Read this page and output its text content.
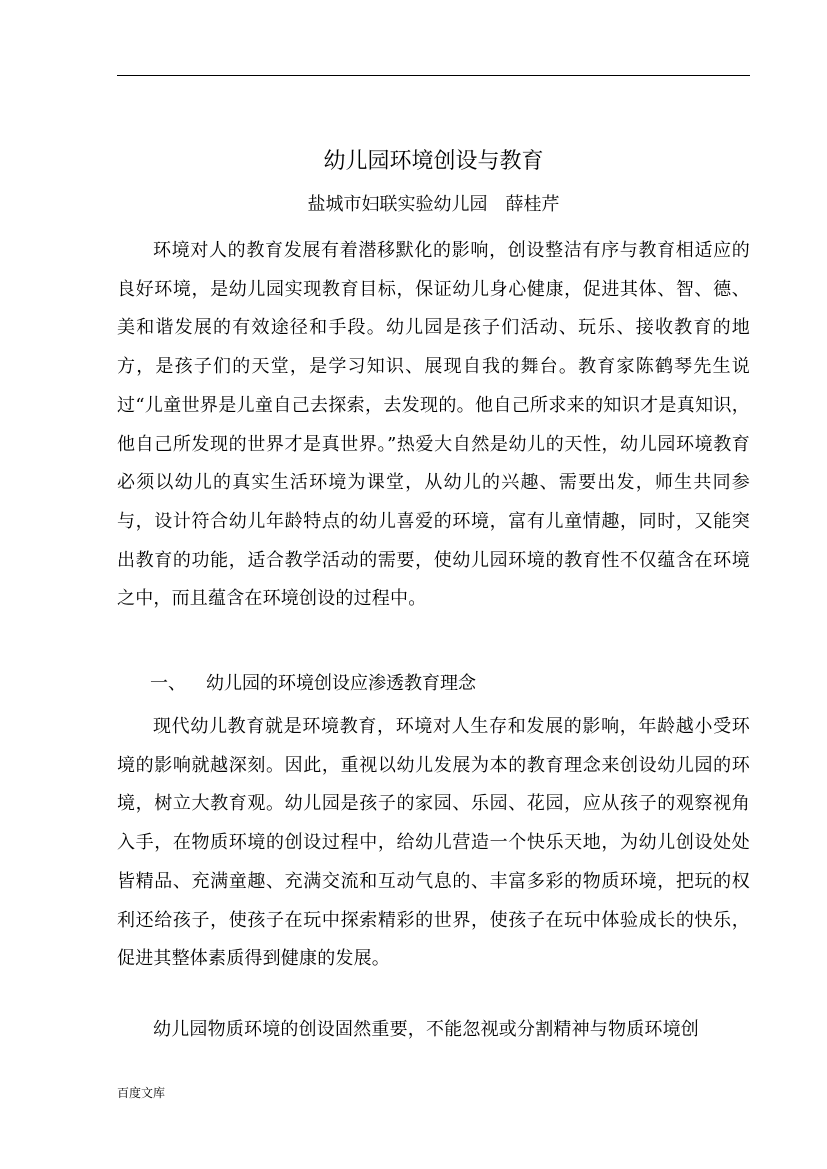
幼儿园环境创设与教育
盐城市妇联实验幼儿园 薛桂芹

环境对人的教育发展有着潜移默化的影响，创设整洁有序与教育相适应的良好环境，是幼儿园实现教育目标，保证幼儿身心健康，促进其体、智、德、美和谐发展的有效途径和手段。幼儿园是孩子们活动、玩乐、接收教育的地方，是孩子们的天堂，是学习知识、展现自我的舞台。教育家陈鹤琴先生说过“儿童世界是儿童自己去探索，去发现的。他自己所求来的知识才是真知识，他自己所发现的世界才是真世界。”热爱大自然是幼儿的天性，幼儿园环境教育必须以幼儿的真实生活环境为课堂，从幼儿的兴趣、需要出发，师生共同参与，设计符合幼儿年龄特点的幼儿喜爱的环境，富有儿童情趣，同时，又能突出教育的功能，适合教学活动的需要，使幼儿园环境的教育性不仅蕴含在环境之中，而且蕴含在环境创设的过程中。

一、 幼儿园的环境创设应渗透教育理念

现代幼儿教育就是环境教育，环境对人生存和发展的影响，年龄越小受环境的影响就越深刻。因此，重视以幼儿发展为本的教育理念来创设幼儿园的环境，树立大教育观。幼儿园是孩子的家园、乐园、花园，应从孩子的观察视角入手，在物质环境的创设过程中，给幼儿营造一个快乐天地，为幼儿创设处处皆精品、充满童趣、充满交流和互动气息的、丰富多彩的物质环境，把玩的权利还给孩子，使孩子在玩中探索精彩的世界，使孩子在玩中体验成长的快乐，促进其整体素质得到健康的发展。

幼儿园物质环境的创设固然重要，不能忽视或分割精神与物质环境创

百度文库
